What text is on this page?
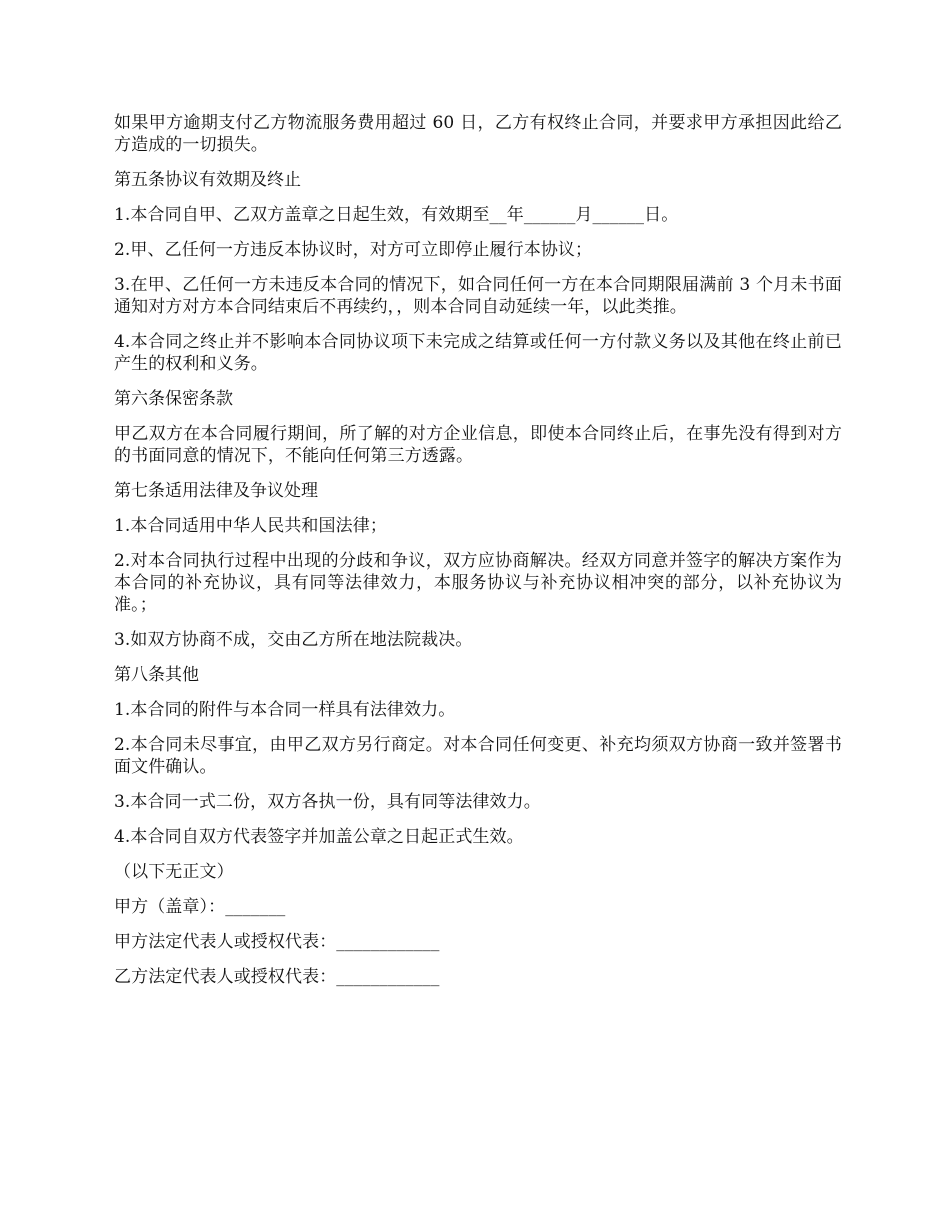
如果甲方逾期支付乙方物流服务费用超过 60 日，乙方有权终止合同，并要求甲方承担因此给乙方造成的一切损失。

第五条协议有效期及终止

1.本合同自甲、乙双方盖章之日起生效，有效期至__年______月______日。

2.甲、乙任何一方违反本协议时，对方可立即停止履行本协议；

3.在甲、乙任何一方未违反本合同的情况下，如合同任何一方在本合同期限届满前 3 个月未书面通知对方对方本合同结束后不再续约，，则本合同自动延续一年，以此类推。

4.本合同之终止并不影响本合同协议项下未完成之结算或任何一方付款义务以及其他在终止前已产生的权利和义务。

第六条保密条款

甲乙双方在本合同履行期间，所了解的对方企业信息，即使本合同终止后，在事先没有得到对方的书面同意的情况下，不能向任何第三方透露。

第七条适用法律及争议处理

1.本合同适用中华人民共和国法律；

2.对本合同执行过程中出现的分歧和争议，双方应协商解决。经双方同意并签字的解决方案作为本合同的补充协议，具有同等法律效力，本服务协议与补充协议相冲突的部分，以补充协议为准。；

3.如双方协商不成，交由乙方所在地法院裁决。

第八条其他

1.本合同的附件与本合同一样具有法律效力。

2.本合同未尽事宜，由甲乙双方另行商定。对本合同任何变更、补充均须双方协商一致并签署书面文件确认。

3.本合同一式二份，双方各执一份，具有同等法律效力。

4.本合同自双方代表签字并加盖公章之日起正式生效。

（以下无正文）

甲方（盖章）：_______

甲方法定代表人或授权代表：____________

乙方法定代表人或授权代表：____________
